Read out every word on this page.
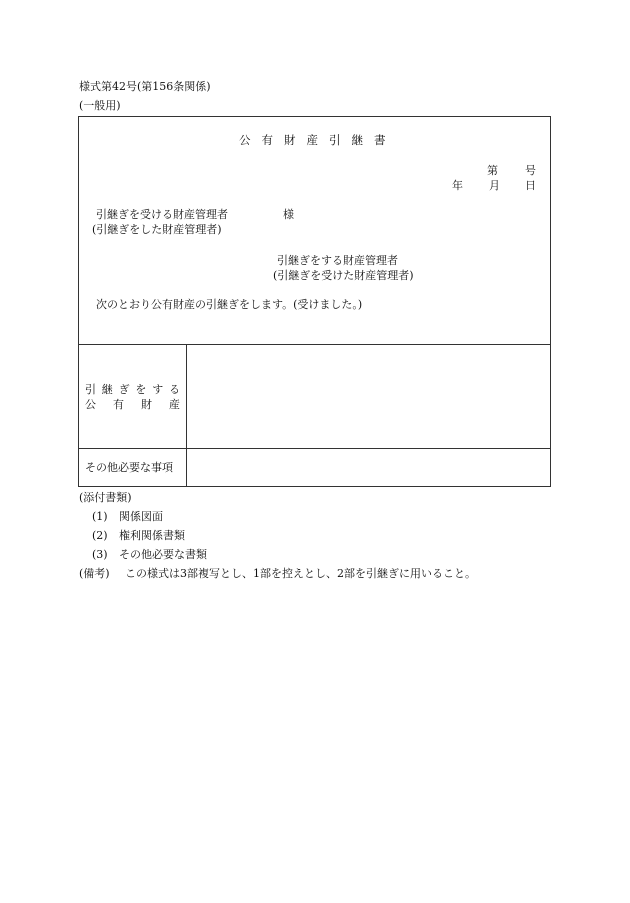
様式第42号(第156条関係)
(一般用)
公有財産引継書
第 号
年 月 日
引継ぎを受ける財産管理者	様
(引継ぎをした財産管理者)
引継ぎをする財産管理者
(引継ぎを受けた財産管理者)
次のとおり公有財産の引継ぎをします。(受けました。)
引 継 ぎ を す る
公 有 財 産
その他必要な事項
(添付書類)
(1) 関係図面
(2) 権利関係書類
(3) その他必要な書類
(備考) この様式は3部複写とし、1部を控えとし、2部を引継ぎに用いること。
